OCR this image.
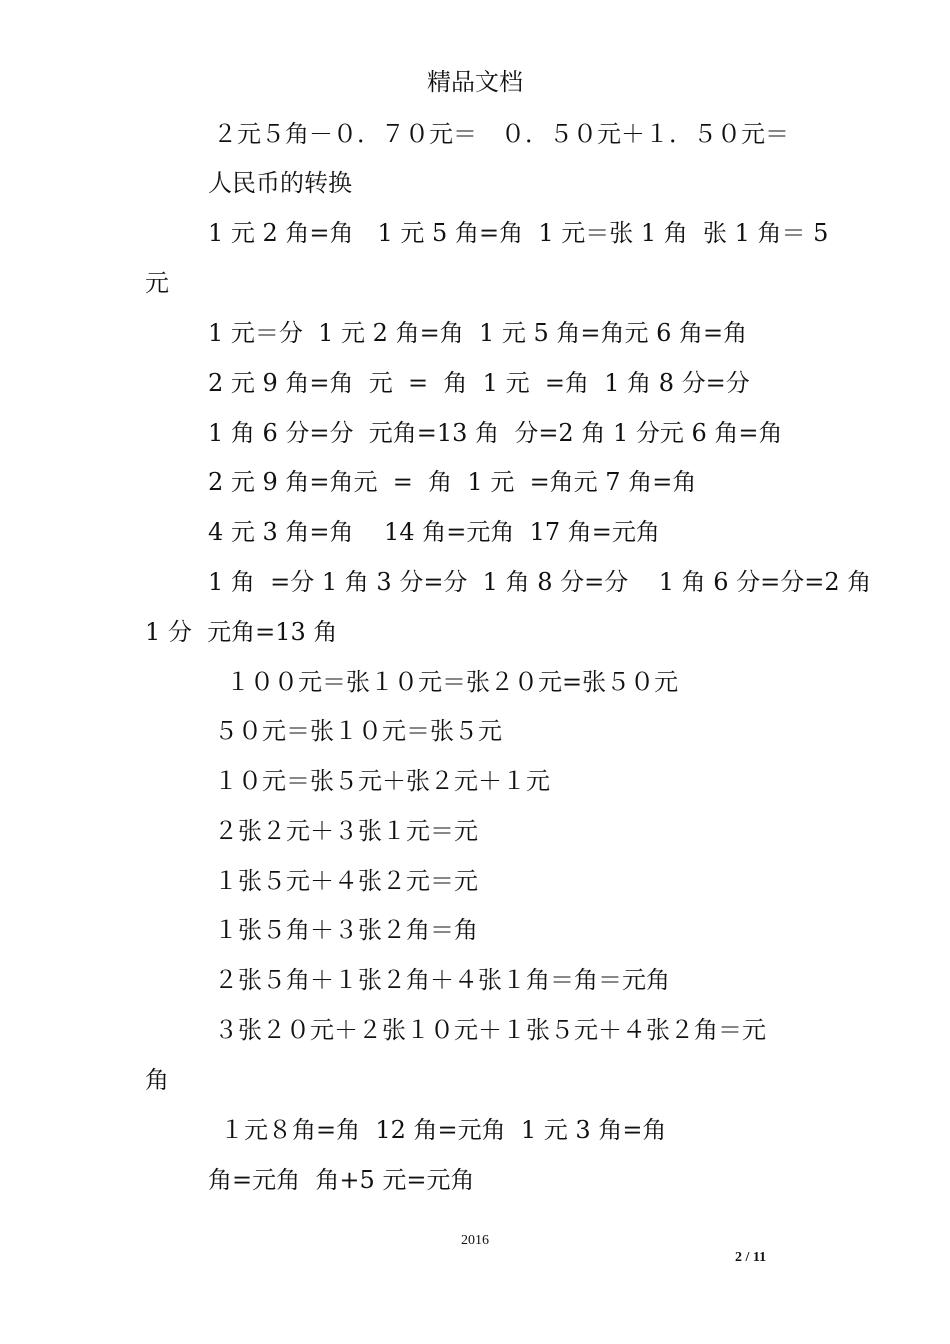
精品文档
２元５角－０．７０元＝　０．５０元＋１．５０元＝
人民币的转换
1 元 2 角=角　1 元 5 角=角  1 元＝张 1 角  张 1 角＝ 5
元
1 元＝分  1 元 2 角=角  1 元 5 角=角元 6 角=角
2 元 9 角=角  元  =  角  1 元  =角  1 角 8 分=分
1 角 6 分=分  元角=13 角  分=2 角 1 分元 6 角=角
2 元 9 角=角元  =  角  1 元  =角元 7 角=角
4 元 3 角=角    14 角=元角  17 角=元角
1 角  =分 1 角 3 分=分  1 角 8 分=分    1 角 6 分=分=2 角
1 分  元角=13 角
１００元＝张１０元＝张２０元=张５０元
５０元＝张１０元＝张５元
１０元＝张５元＋张２元＋１元
２张２元＋３张１元＝元
１张５元＋４张２元＝元
１张５角＋３张２角＝角
２张５角＋１张２角＋４张１角＝角＝元角
３张２０元＋２张１０元＋１张５元＋４张２角＝元
角
１元８角=角  12 角=元角  1 元 3 角=角
角=元角  角+5 元=元角
2016
2 / 11
